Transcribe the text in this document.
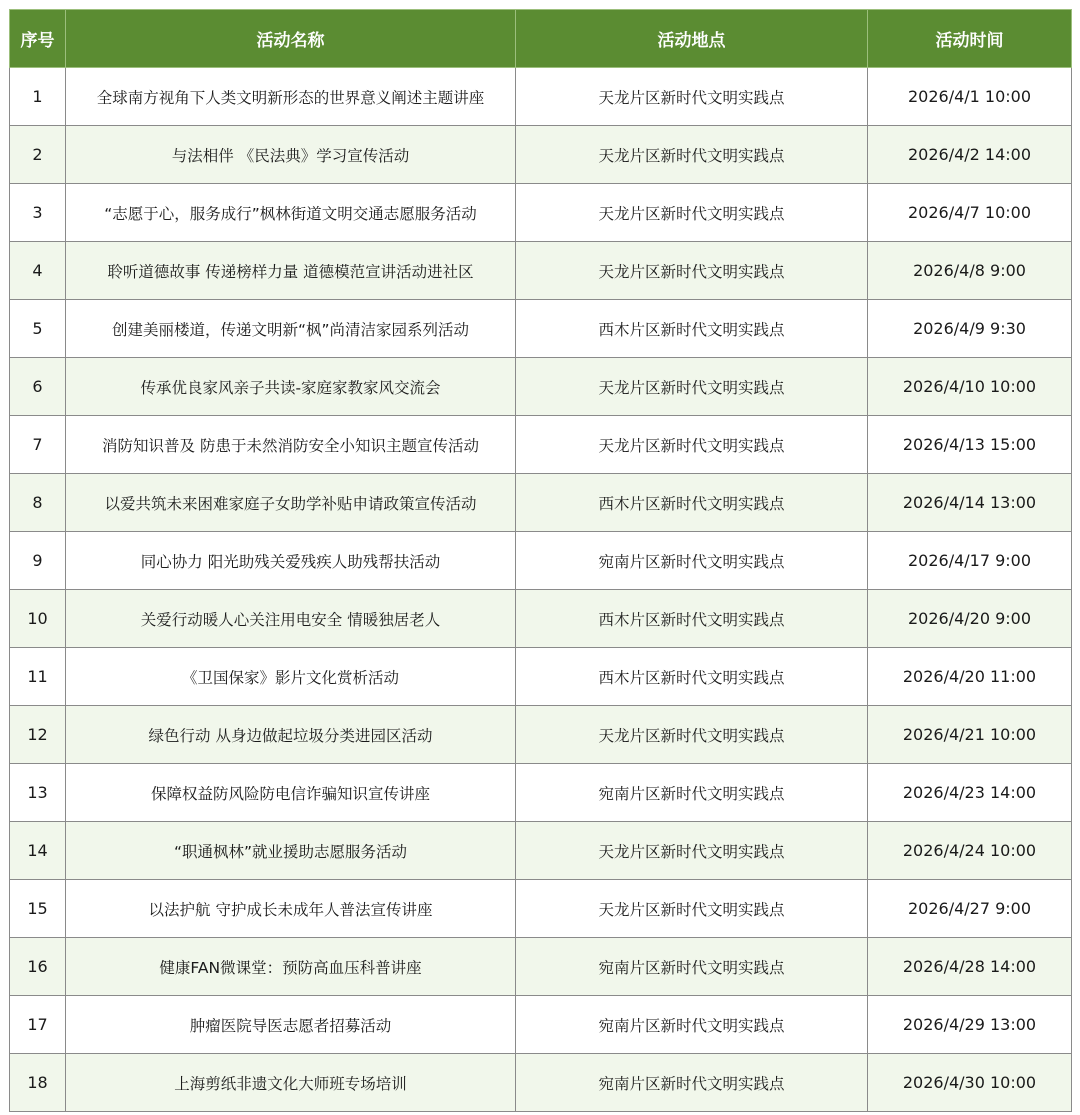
序号	活动名称	活动地点	活动时间
1	全球南方视角下人类文明新形态的世界意义阐述主题讲座	天龙片区新时代文明实践点	2026/4/1 10:00
2	与法相伴 《民法典》学习宣传活动	天龙片区新时代文明实践点	2026/4/2 14:00
3	“志愿于心，服务成行”枫林街道文明交通志愿服务活动	天龙片区新时代文明实践点	2026/4/7 10:00
4	聆听道德故事 传递榜样力量 道德模范宣讲活动进社区	天龙片区新时代文明实践点	2026/4/8 9:00
5	创建美丽楼道，传递文明新“枫”尚清洁家园系列活动	西木片区新时代文明实践点	2026/4/9 9:30
6	传承优良家风亲子共读-家庭家教家风交流会	天龙片区新时代文明实践点	2026/4/10 10:00
7	消防知识普及 防患于未然消防安全小知识主题宣传活动	天龙片区新时代文明实践点	2026/4/13 15:00
8	以爱共筑未来困难家庭子女助学补贴申请政策宣传活动	西木片区新时代文明实践点	2026/4/14 13:00
9	同心协力 阳光助残关爱残疾人助残帮扶活动	宛南片区新时代文明实践点	2026/4/17 9:00
10	关爱行动暖人心关注用电安全 情暖独居老人	西木片区新时代文明实践点	2026/4/20 9:00
11	《卫国保家》影片文化赏析活动	西木片区新时代文明实践点	2026/4/20 11:00
12	绿色行动 从身边做起垃圾分类进园区活动	天龙片区新时代文明实践点	2026/4/21 10:00
13	保障权益防风险防电信诈骗知识宣传讲座	宛南片区新时代文明实践点	2026/4/23 14:00
14	“职通枫林”就业援助志愿服务活动	天龙片区新时代文明实践点	2026/4/24 10:00
15	以法护航 守护成长未成年人普法宣传讲座	天龙片区新时代文明实践点	2026/4/27 9:00
16	健康FAN微课堂：预防高血压科普讲座	宛南片区新时代文明实践点	2026/4/28 14:00
17	肿瘤医院导医志愿者招募活动	宛南片区新时代文明实践点	2026/4/29 13:00
18	上海剪纸非遗文化大师班专场培训	宛南片区新时代文明实践点	2026/4/30 10:00
